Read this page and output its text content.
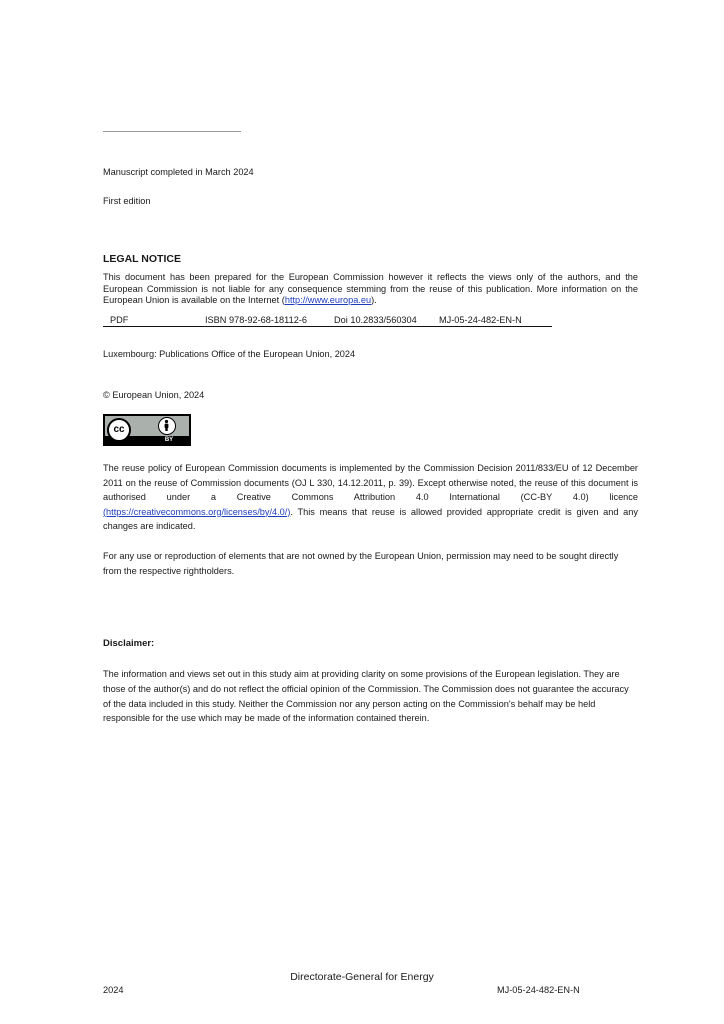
Manuscript completed in March 2024
First edition
LEGAL NOTICE
This document has been prepared for the European Commission however it reflects the views only of the authors, and the European Commission is not liable for any consequence stemming from the reuse of this publication. More information on the European Union is available on the Internet (http://www.europa.eu).
PDF	ISBN 978-92-68-18112-6	Doi 10.2833/560304 MJ-05-24-482-EN-N
Luxembourg: Publications Office of the European Union, 2024
© European Union, 2024
cc
BY
The reuse policy of European Commission documents is implemented by the Commission Decision 2011/833/EU of 12 December 2011 on the reuse of Commission documents (OJ L 330, 14.12.2011, p. 39). Except otherwise noted, the reuse of this document is authorised under a Creative Commons Attribution 4.0 International (CC-BY 4.0) licence (https://creativecommons.org/licenses/by/4.0/). This means that reuse is allowed provided appropriate credit is given and any changes are indicated.
For any use or reproduction of elements that are not owned by the European Union, permission may need to be sought directly from the respective rightholders.
Disclaimer:
The information and views set out in this study aim at providing clarity on some provisions of the European legislation. They are those of the author(s) and do not reflect the official opinion of the Commission. The Commission does not guarantee the accuracy of the data included in this study. Neither the Commission nor any person acting on the Commission's behalf may be held responsible for the use which may be made of the information contained therein.
Directorate-General for Energy
2024	MJ-05-24-482-EN-N
